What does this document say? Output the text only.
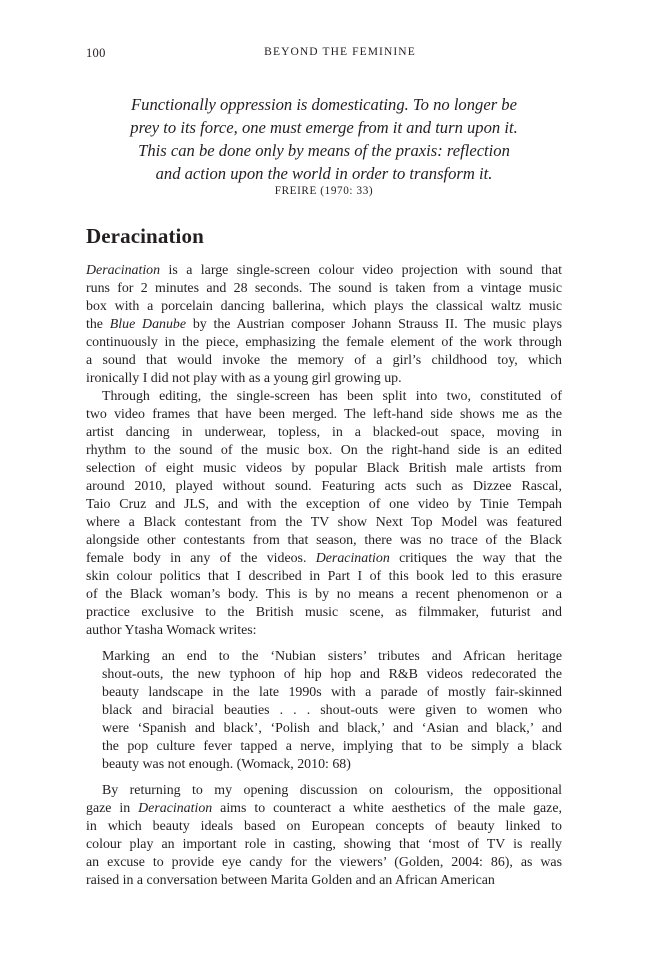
100	BEYOND THE FEMININE
Functionally oppression is domesticating. To no longer be
prey to its force, one must emerge from it and turn upon it.
This can be done only by means of the praxis: reflection
and action upon the world in order to transform it.
FREIRE (1970: 33)
Deracination
Deracination is a large single-screen colour video projection with sound that
runs for 2 minutes and 28 seconds. The sound is taken from a vintage music
box with a porcelain dancing ballerina, which plays the classical waltz music
the Blue Danube by the Austrian composer Johann Strauss II. The music plays
continuously in the piece, emphasizing the female element of the work through
a sound that would invoke the memory of a girl’s childhood toy, which
ironically I did not play with as a young girl growing up.
Through editing, the single-screen has been split into two, constituted of
two video frames that have been merged. The left-hand side shows me as the
artist dancing in underwear, topless, in a blacked-out space, moving in
rhythm to the sound of the music box. On the right-hand side is an edited
selection of eight music videos by popular Black British male artists from
around 2010, played without sound. Featuring acts such as Dizzee Rascal,
Taio Cruz and JLS, and with the exception of one video by Tinie Tempah
where a Black contestant from the TV show Next Top Model was featured
alongside other contestants from that season, there was no trace of the Black
female body in any of the videos. Deracination critiques the way that the
skin colour politics that I described in Part I of this book led to this erasure
of the Black woman’s body. This is by no means a recent phenomenon or a
practice exclusive to the British music scene, as filmmaker, futurist and
author Ytasha Womack writes:
Marking an end to the ‘Nubian sisters’ tributes and African heritage
shout-outs, the new typhoon of hip hop and R&B videos redecorated the
beauty landscape in the late 1990s with a parade of mostly fair-skinned
black and biracial beauties . . . shout-outs were given to women who
were ‘Spanish and black’, ‘Polish and black,’ and ‘Asian and black,’ and
the pop culture fever tapped a nerve, implying that to be simply a black
beauty was not enough. (Womack, 2010: 68)
By returning to my opening discussion on colourism, the oppositional
gaze in Deracination aims to counteract a white aesthetics of the male gaze,
in which beauty ideals based on European concepts of beauty linked to
colour play an important role in casting, showing that ‘most of TV is really
an excuse to provide eye candy for the viewers’ (Golden, 2004: 86), as was
raised in a conversation between Marita Golden and an African American
